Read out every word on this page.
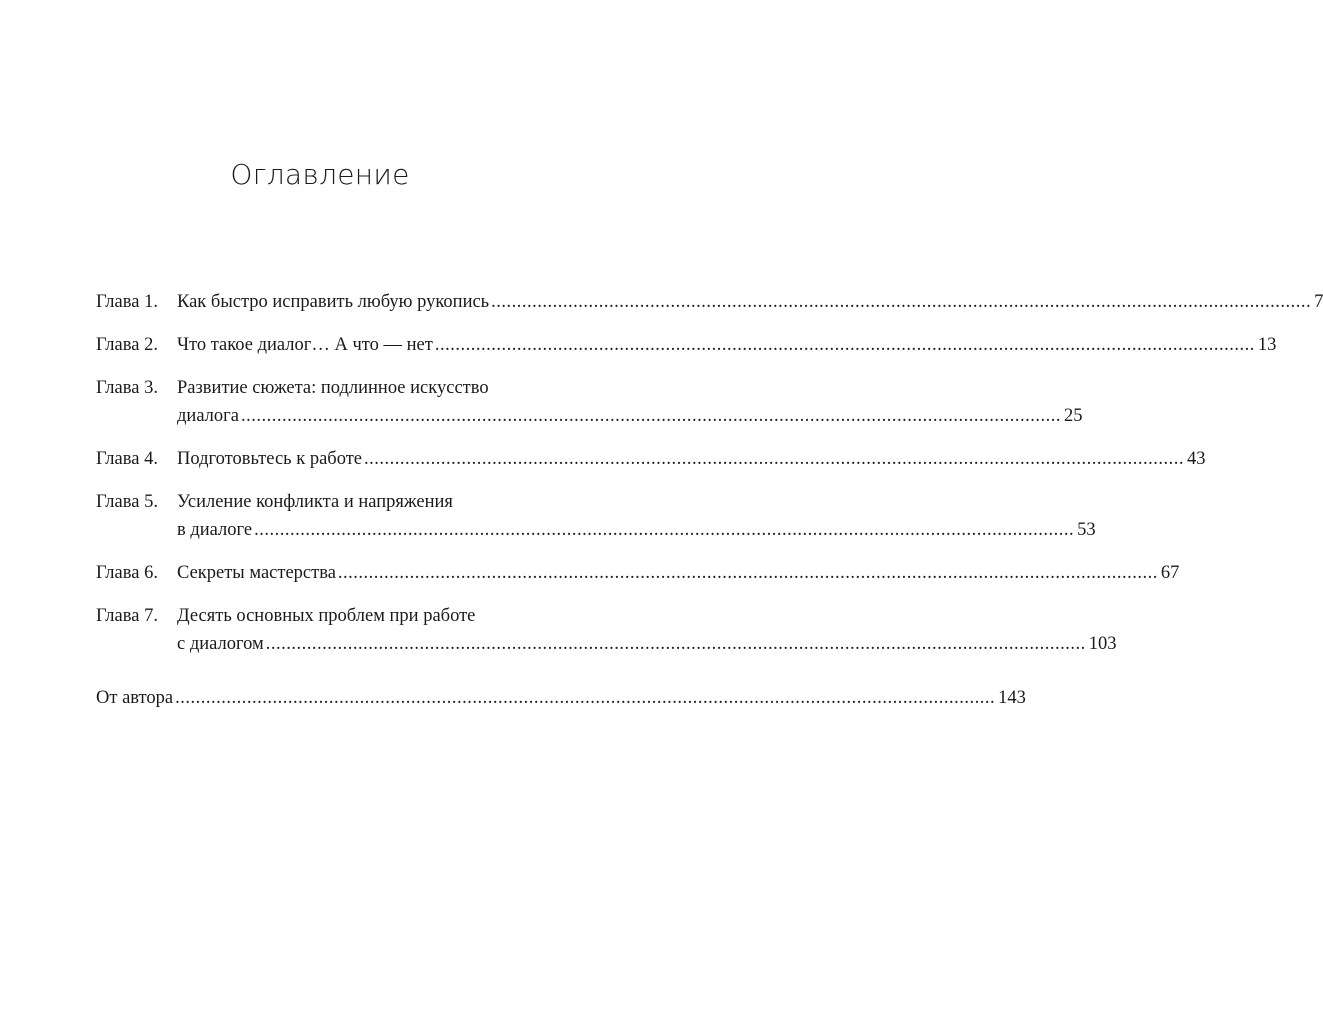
Оглавление
Глава 1.	Как быстро исправить любую рукопись ................................................................................................................................................................ 7
Глава 2.	Что такое диалог… А что — нет ................................................................................................................................................................ 13
Глава 3.	Развитие сюжета: подлинное искусство
диалога ................................................................................................................................................................ 25
Глава 4.	Подготовьтесь к работе ................................................................................................................................................................ 43
Глава 5.	Усиление конфликта и напряжения
в диалоге ................................................................................................................................................................ 53
Глава 6.	Секреты мастерства ................................................................................................................................................................ 67
Глава 7.	Десять основных проблем при работе
с диалогом ................................................................................................................................................................ 103
От автора ................................................................................................................................................................ 143
